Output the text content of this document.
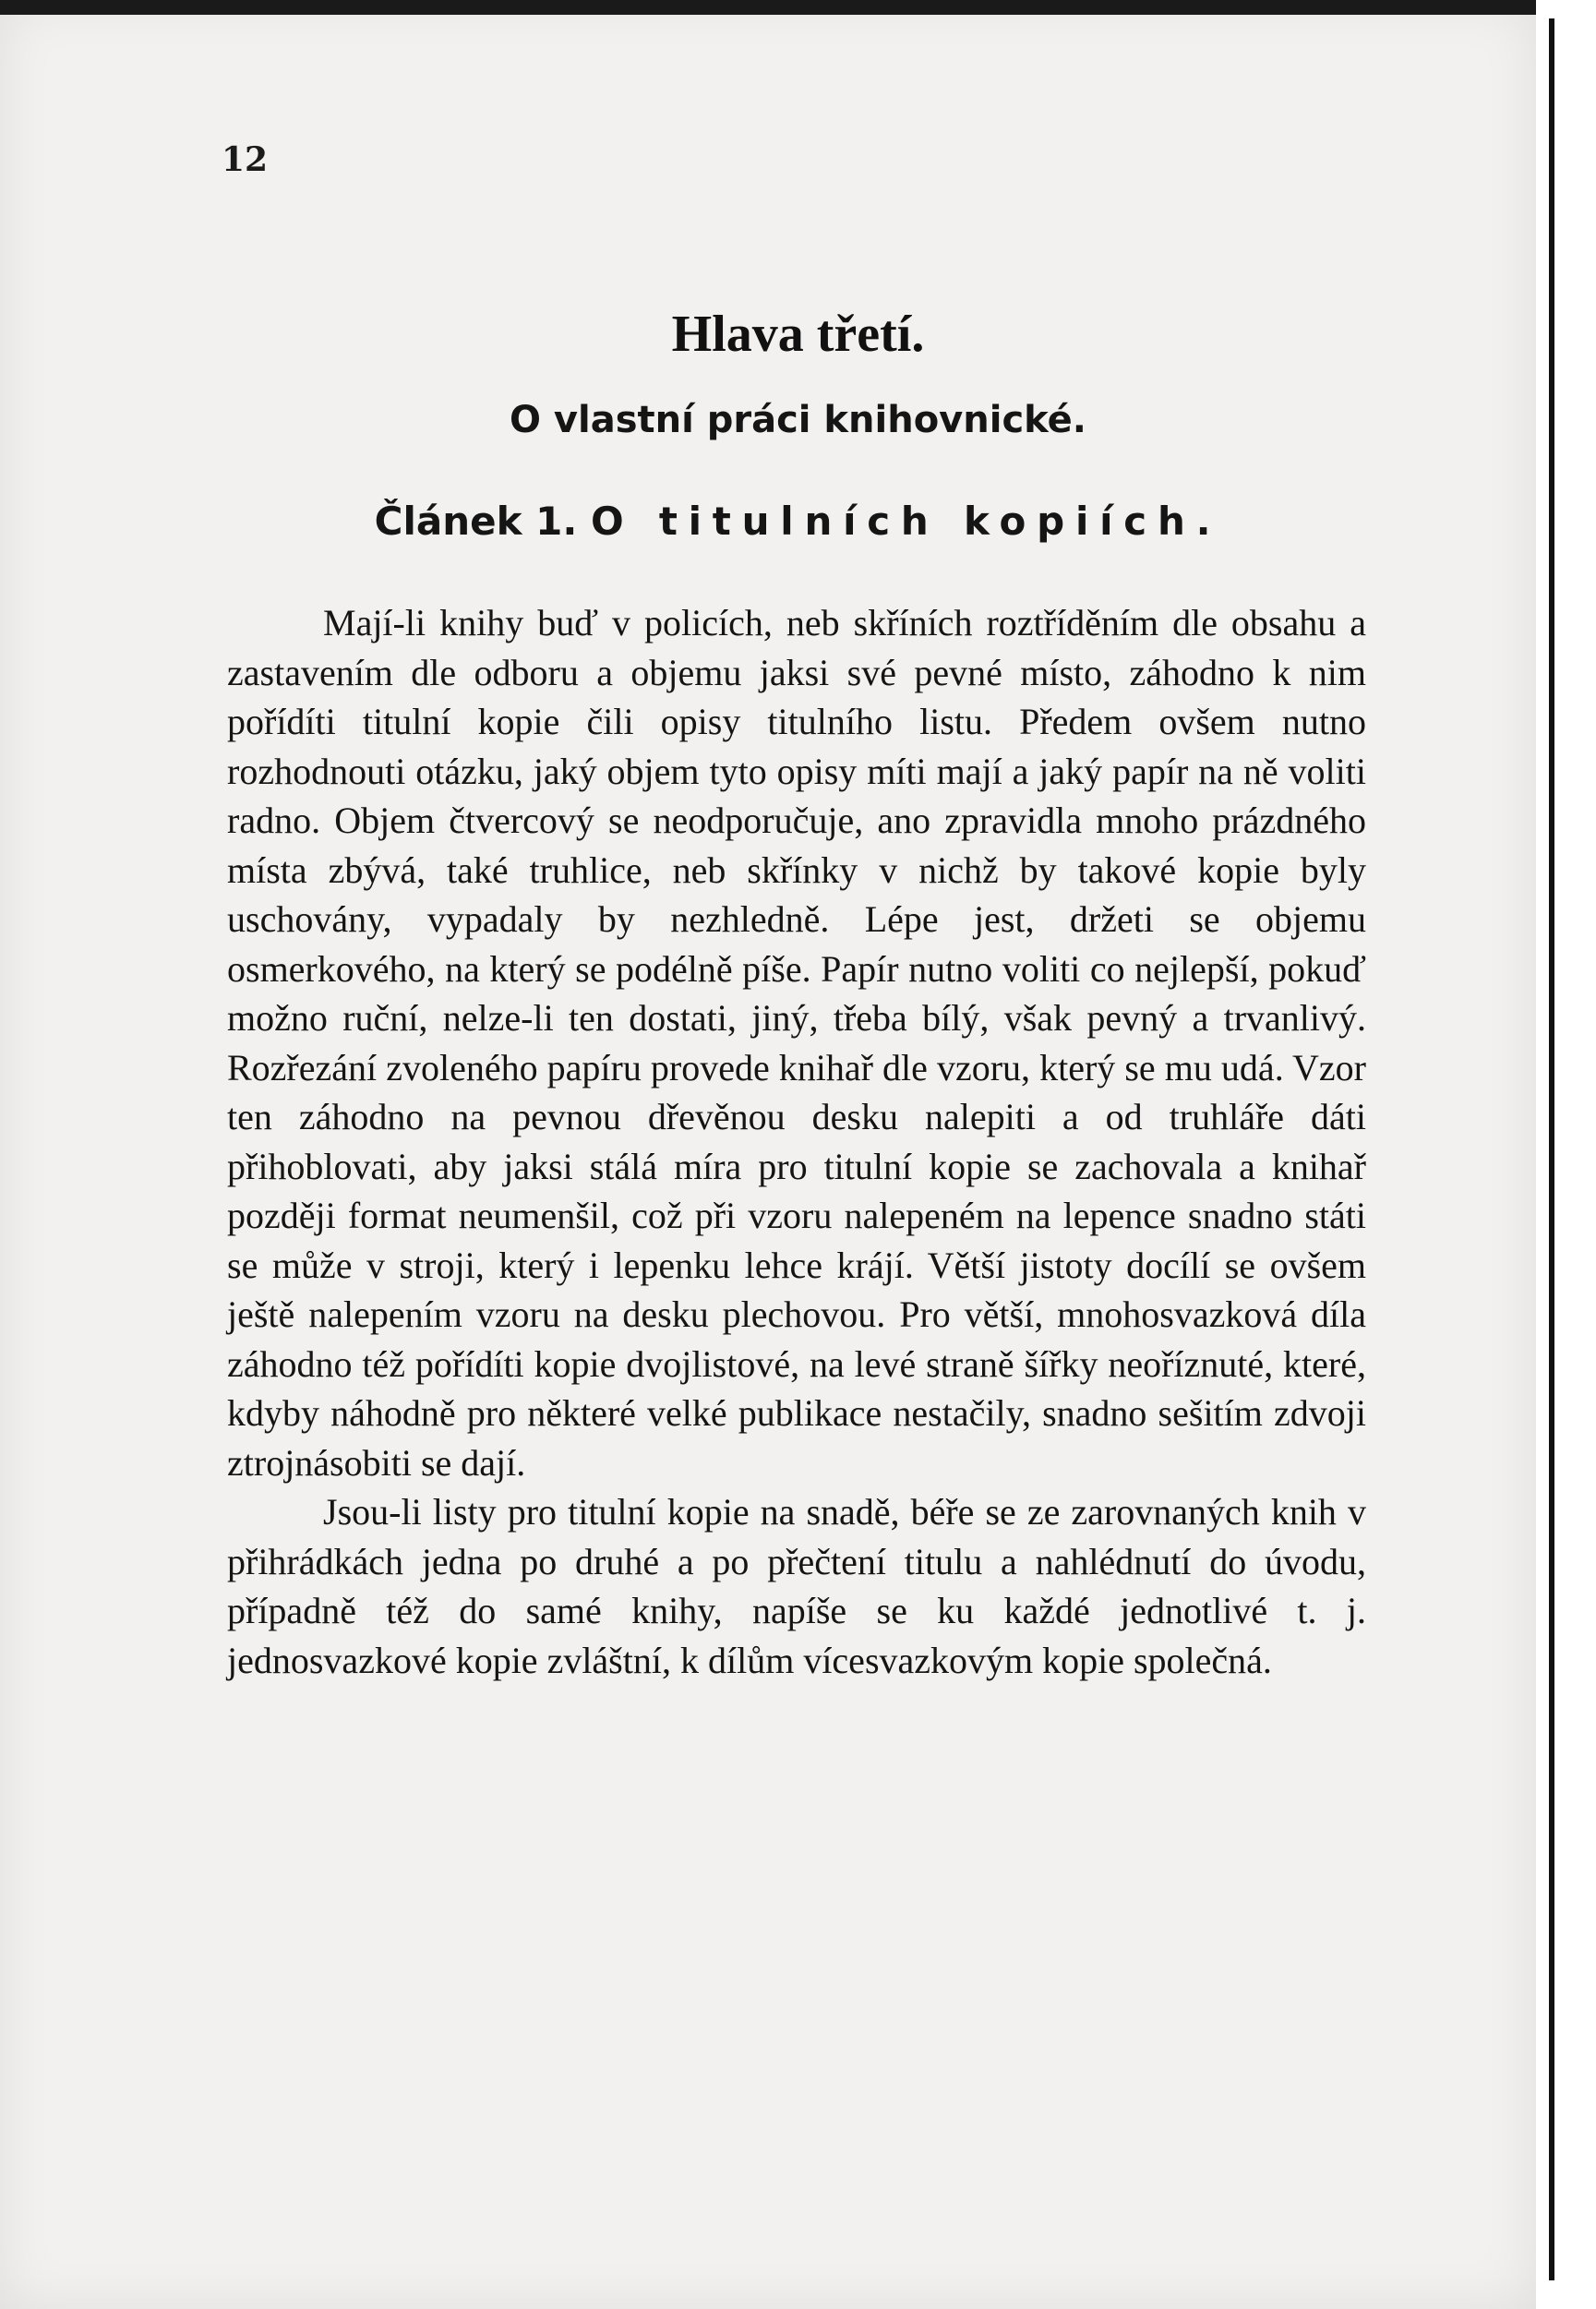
12
Hlava třetí.
O vlastní práci knihovnické.
Článek 1. O titulních kopiích.

Mají-li knihy buď v policích, neb skříních roztříděním dle obsahu a zastavením dle odboru a objemu jaksi své pevné místo, záhodno k nim pořídíti titulní kopie čili opisy titulního listu. Předem ovšem nutno rozhodnouti otázku, jaký objem tyto opisy míti mají a jaký papír na ně voliti radno. Objem čtvercový se neodporučuje, ano zpravidla mnoho prázdného místa zbývá, také truhlice, neb skřínky v nichž by takové kopie byly uschovány, vypadaly by nezhledně. Lépe jest, držeti se objemu osmerkového, na který se podélně píše. Papír nutno voliti co nejlepší, pokuď možno ruční, nelze-li ten dostati, jiný, třeba bílý, však pevný a trvanlivý. Rozřezání zvoleného papíru provede knihař dle vzoru, který se mu udá. Vzor ten záhodno na pevnou dřevěnou desku nalepiti a od truhláře dáti přihoblovati, aby jaksi stálá míra pro titulní kopie se zachovala a knihař později format neumenšil, což při vzoru nalepeném na lepence snadno státi se může v stroji, který i lepenku lehce krájí. Větší jistoty docílí se ovšem ještě nalepením vzoru na desku plechovou. Pro větší, mnohosvazková díla záhodno též pořídíti kopie dvojlistové, na levé straně šířky neoříznuté, které, kdyby náhodně pro některé velké publikace nestačily, snadno sešitím zdvoji ztrojnásobiti se dají.

Jsou-li listy pro titulní kopie na snadě, béře se ze zarovnaných knih v přihrádkách jedna po druhé a po přečtení titulu a nahlédnutí do úvodu, případně též do samé knihy, napíše se ku každé jednotlivé t. j. jednosvazkové kopie zvláštní, k dílům vícesvazkovým kopie společná.
